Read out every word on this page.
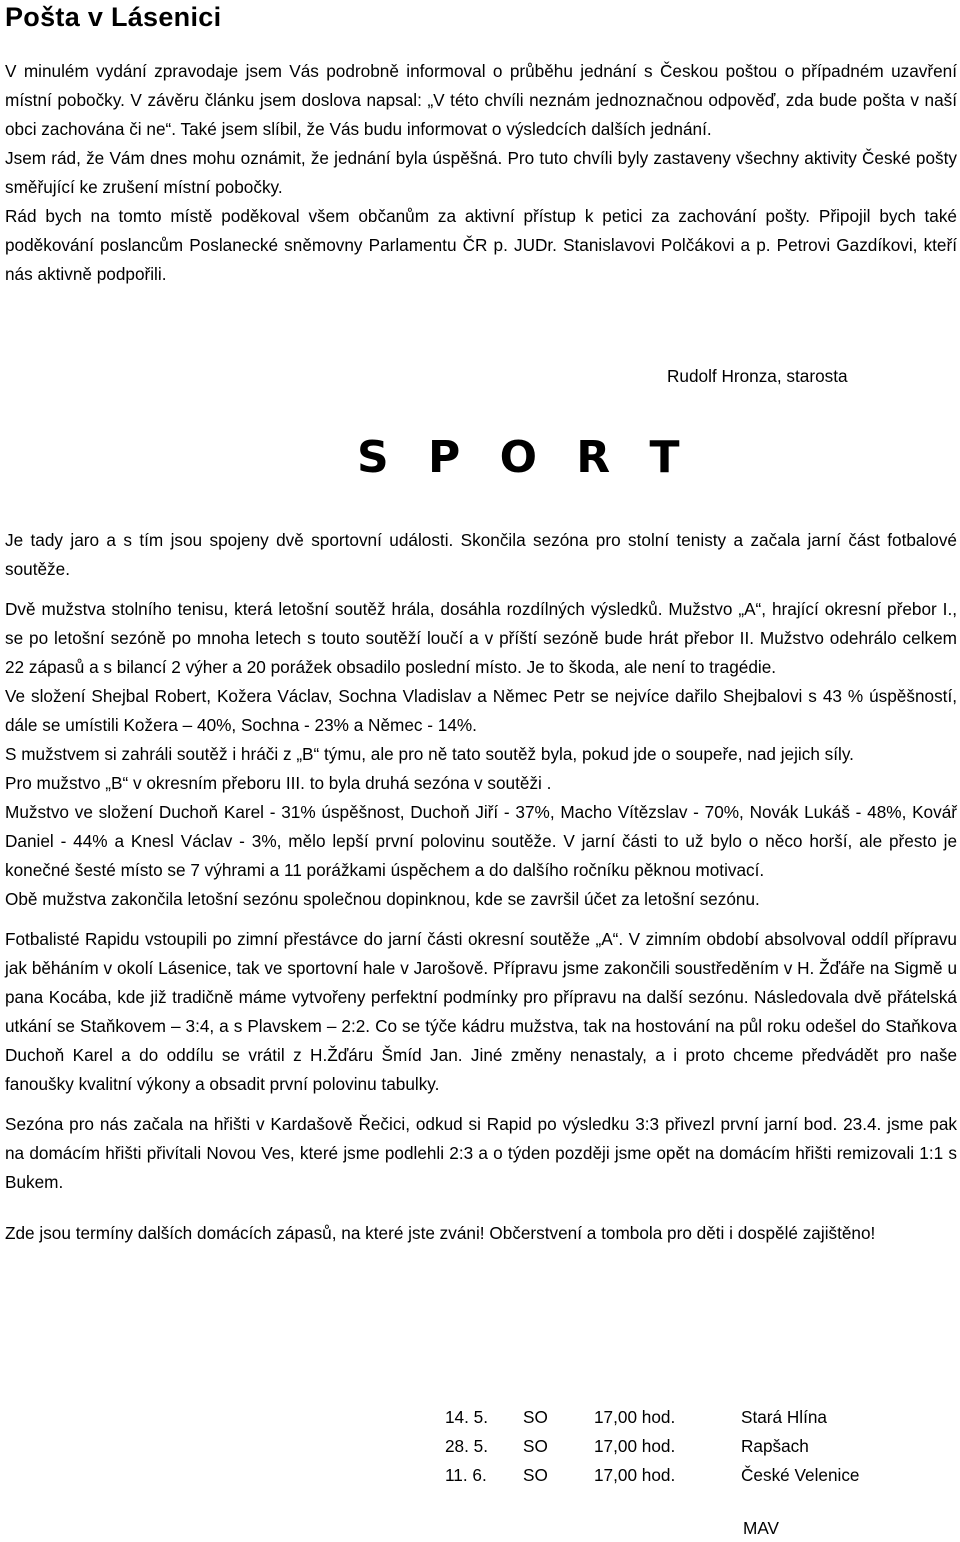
Pošta v Lásenici

V minulém vydání zpravodaje jsem Vás podrobně informoval o průběhu jednání s Českou poštou o případném uzavření místní pobočky. V závěru článku jsem doslova napsal: „V této chvíli neznám jednoznačnou odpověď, zda bude pošta v naší obci zachována či ne“. Také jsem slíbil, že Vás budu informovat o výsledcích dalších jednání.

Jsem rád, že Vám dnes mohu oznámit, že jednání byla úspěšná. Pro tuto chvíli byly zastaveny všechny aktivity České pošty směřující ke zrušení místní pobočky.

Rád bych na tomto místě poděkoval všem občanům za aktivní přístup k petici za zachování pošty. Připojil bych také poděkování poslancům Poslanecké sněmovny Parlamentu ČR p. JUDr. Stanislavovi Polčákovi a p. Petrovi Gazdíkovi, kteří nás aktivně podpořili.

Rudolf Hronza, starosta
S P O R T

Je tady jaro a s tím jsou spojeny dvě sportovní události. Skončila sezóna pro stolní tenisty a začala jarní část fotbalové soutěže.

Dvě mužstva stolního tenisu, která letošní soutěž hrála, dosáhla rozdílných výsledků. Mužstvo „A“, hrající okresní přebor I., se po letošní sezóně po mnoha letech s touto soutěží loučí a v příští sezóně bude hrát přebor II. Mužstvo odehrálo celkem 22 zápasů a s bilancí 2 výher a 20 porážek obsadilo poslední místo. Je to škoda, ale není to tragédie.

Ve složení Shejbal Robert, Kožera Václav, Sochna Vladislav a Němec Petr se nejvíce dařilo Shejbalovi s 43 % úspěšností, dále se umístili Kožera – 40%, Sochna - 23% a Němec - 14%.

S mužstvem si zahráli soutěž i hráči z „B“ týmu, ale pro ně tato soutěž byla, pokud jde o soupeře, nad jejich síly.

Pro mužstvo „B“ v okresním přeboru III. to byla druhá sezóna v soutěži .

Mužstvo ve složení Duchoň Karel - 31% úspěšnost, Duchoň Jiří - 37%, Macho Vítězslav - 70%, Novák Lukáš - 48%, Kovář Daniel - 44% a Knesl Václav - 3%, mělo lepší první polovinu soutěže. V jarní části to už bylo o něco horší, ale přesto je konečné šesté místo se 7 výhrami a 11 porážkami úspěchem a do dalšího ročníku pěknou motivací.

Obě mužstva zakončila letošní sezónu společnou dopinknou, kde se završil účet za letošní sezónu.

Fotbalisté Rapidu vstoupili po zimní přestávce do jarní části okresní soutěže „A“. V zimním období absolvoval oddíl přípravu jak běháním v okolí Lásenice, tak ve sportovní hale v Jarošově. Přípravu jsme zakončili soustředěním v H. Žďáře na Sigmě u pana Kocába, kde již tradičně máme vytvořeny perfektní podmínky pro přípravu na další sezónu. Následovala dvě přátelská utkání se Staňkovem – 3:4, a s Plavskem – 2:2. Co se týče kádru mužstva, tak na hostování na půl roku odešel do Staňkova Duchoň Karel a do oddílu se vrátil z H.Žďáru Šmíd Jan. Jiné změny nenastaly, a i proto chceme předvádět pro naše fanoušky kvalitní výkony a obsadit první polovinu tabulky.

Sezóna pro nás začala na hřišti v Kardašově Řečici, odkud si Rapid po výsledku 3:3 přivezl první jarní bod. 23.4. jsme pak na domácím hřišti přivítali Novou Ves, které jsme podlehli 2:3 a o týden později jsme opět na domácím hřišti remizovali 1:1 s Bukem.

Zde jsou termíny dalších domácích zápasů, na které jste zváni! Občerstvení a tombola pro děti i dospělé zajištěno!

14. 5.	SO	17,00 hod.	Stará Hlína
28. 5.	SO	17,00 hod.	Rapšach
11. 6.	SO	17,00 hod.	České Velenice
MAV
